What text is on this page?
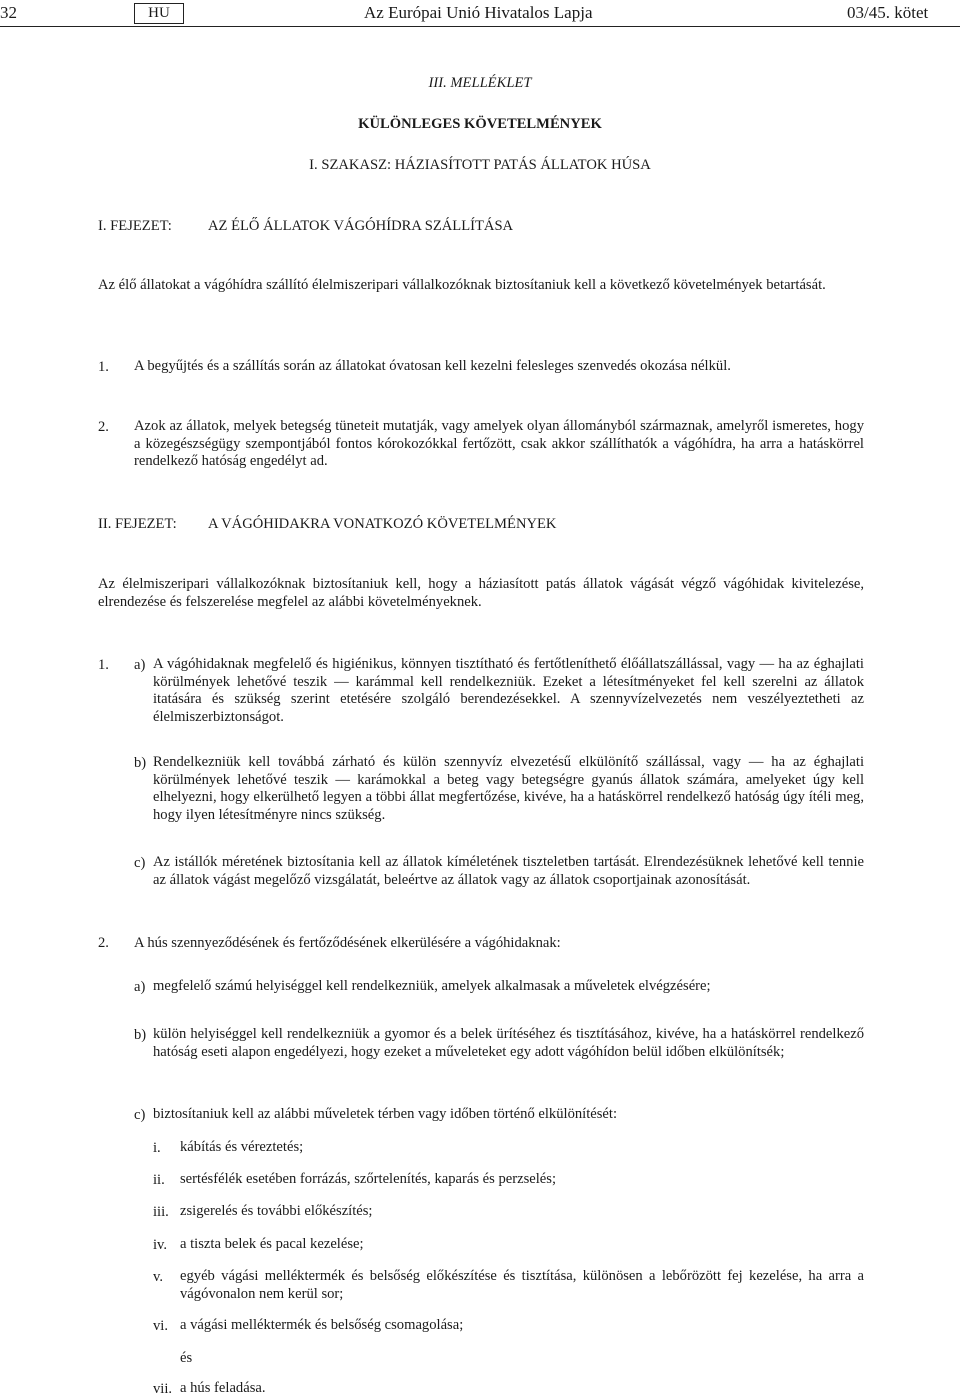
32	HU	Az Európai Unió Hivatalos Lapja	03/45. kötet
III. MELLÉKLET
KÜLÖNLEGES KÖVETELMÉNYEK
I. SZAKASZ: HÁZIASÍTOTT PATÁS ÁLLATOK HÚSA
I. FEJEZET: AZ ÉLŐ ÁLLATOK VÁGÓHÍDRA SZÁLLÍTÁSA
Az élő állatokat a vágóhídra szállító élelmiszeripari vállalkozóknak biztosítaniuk kell a következő követelmények betartását.
1. A begyűjtés és a szállítás során az állatokat óvatosan kell kezelni felesleges szenvedés okozása nélkül.
2. Azok az állatok, melyek betegség tüneteit mutatják, vagy amelyek olyan állományból származnak, amelyről ismeretes, hogy a közegészségügy szempontjából fontos kórokozókkal fertőzött, csak akkor szállíthatók a vágóhídra, ha arra a hatáskörrel rendelkező hatóság engedélyt ad.
II. FEJEZET: A VÁGÓHIDAKRA VONATKOZÓ KÖVETELMÉNYEK
Az élelmiszeripari vállalkozóknak biztosítaniuk kell, hogy a háziasított patás állatok vágását végző vágóhidak kivitelezése, elrendezése és felszerelése megfelel az alábbi követelményeknek.
1. a) A vágóhidaknak megfelelő és higiénikus, könnyen tisztítható és fertőtleníthető élőállatszállással, vagy — ha az éghajlati körülmények lehetővé teszik — karámmal kell rendelkezniük. Ezeket a létesítményeket fel kell szerelni az állatok itatására és szükség szerint etetésére szolgáló berendezésekkel. A szennyvízelvezetés nem veszélyeztetheti az élelmiszerbiztonságot.
b) Rendelkezniük kell továbbá zárható és külön szennyvíz elvezetésű elkülönítő szállással, vagy — ha az éghajlati körülmények lehetővé teszik — karámokkal a beteg vagy betegségre gyanús állatok számára, amelyeket úgy kell elhelyezni, hogy elkerülhető legyen a többi állat megfertőzése, kivéve, ha a hatáskörrel rendelkező hatóság úgy ítéli meg, hogy ilyen létesítményre nincs szükség.
c) Az istállók méretének biztosítania kell az állatok kíméletének tiszteletben tartását. Elrendezésüknek lehetővé kell tennie az állatok vágást megelőző vizsgálatát, beleértve az állatok vagy az állatok csoportjainak azonosítását.
2. A hús szennyeződésének és fertőződésének elkerülésére a vágóhidaknak:
a) megfelelő számú helyiséggel kell rendelkezniük, amelyek alkalmasak a műveletek elvégzésére;
b) külön helyiséggel kell rendelkezniük a gyomor és a belek ürítéséhez és tisztításához, kivéve, ha a hatáskörrel rendelkező hatóság eseti alapon engedélyezi, hogy ezeket a műveleteket egy adott vágóhídon belül időben elkülönítsék;
c) biztosítaniuk kell az alábbi műveletek térben vagy időben történő elkülönítését:
i. kábítás és véreztetés;
ii. sertésfélék esetében forrázás, szőrtelenítés, kaparás és perzselés;
iii. zsigerelés és további előkészítés;
iv. a tiszta belek és pacal kezelése;
v. egyéb vágási melléktermék és belsőség előkészítése és tisztítása, különösen a lebőrözött fej kezelése, ha arra a vágóvonalon nem kerül sor;
vi. a vágási melléktermék és belsőség csomagolása;
és
vii. a hús feladása.
